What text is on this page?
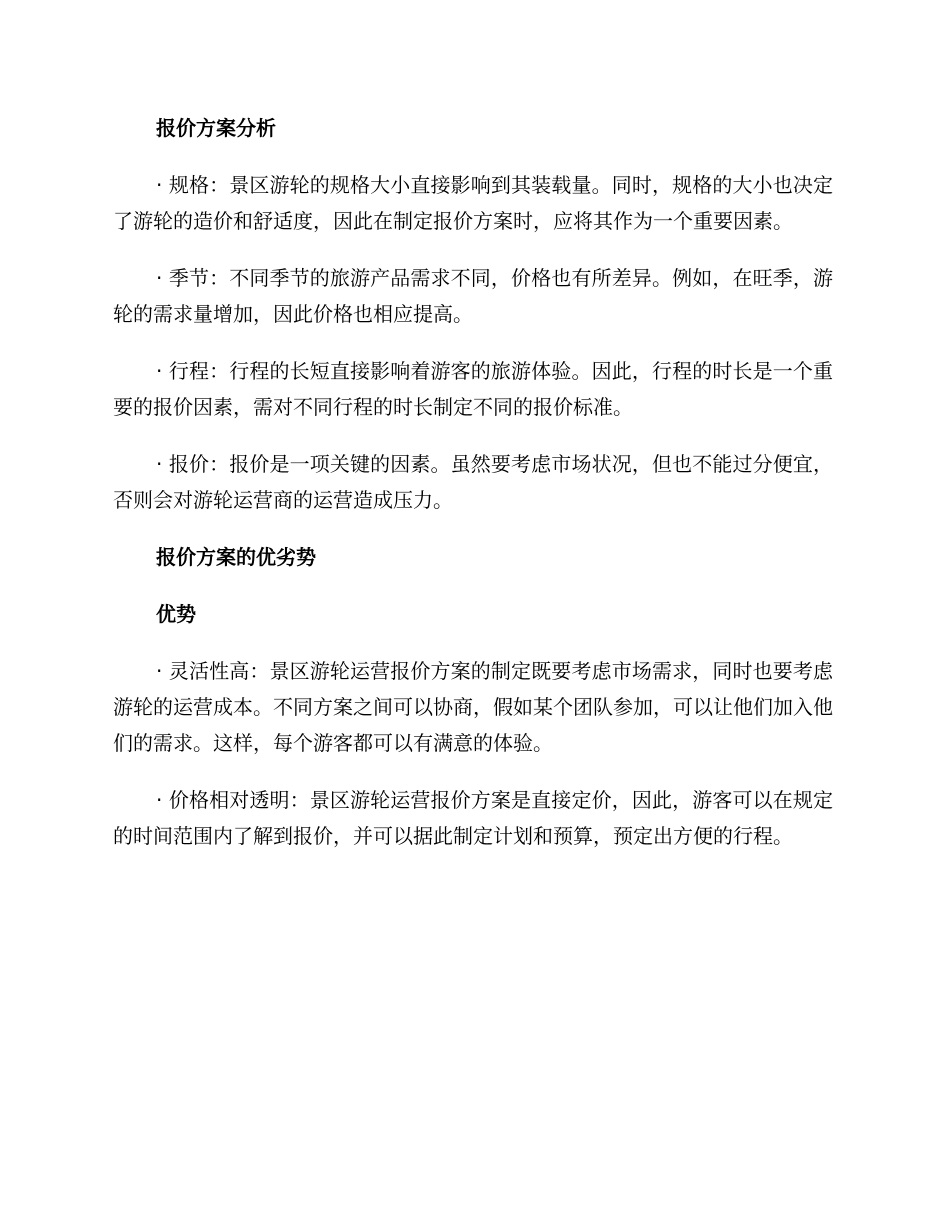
报价方案分析

· 规格：景区游轮的规格大小直接影响到其装载量。同时，规格的大小也决定了游轮的造价和舒适度，因此在制定报价方案时，应将其作为一个重要因素。

· 季节：不同季节的旅游产品需求不同，价格也有所差异。例如，在旺季，游轮的需求量增加，因此价格也相应提高。

· 行程：行程的长短直接影响着游客的旅游体验。因此，行程的时长是一个重要的报价因素，需对不同行程的时长制定不同的报价标准。

· 报价：报价是一项关键的因素。虽然要考虑市场状况，但也不能过分便宜，否则会对游轮运营商的运营造成压力。

报价方案的优劣势
优势

· 灵活性高：景区游轮运营报价方案的制定既要考虑市场需求，同时也要考虑游轮的运营成本。不同方案之间可以协商，假如某个团队参加，可以让他们加入他们的需求。这样，每个游客都可以有满意的体验。

· 价格相对透明：景区游轮运营报价方案是直接定价，因此，游客可以在规定的时间范围内了解到报价，并可以据此制定计划和预算，预定出方便的行程。
